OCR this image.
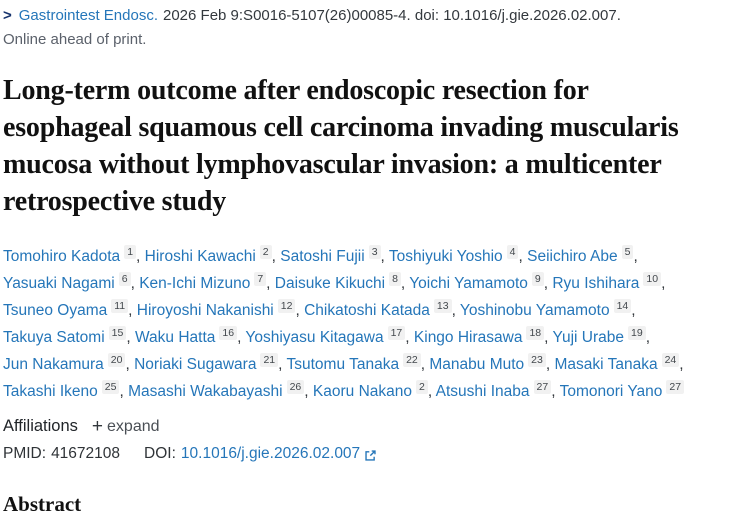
> Gastrointest Endosc. 2026 Feb 9:S0016-5107(26)00085-4. doi: 10.1016/j.gie.2026.02.007.
Online ahead of print.
Long-term outcome after endoscopic resection for esophageal squamous cell carcinoma invading muscularis mucosa without lymphovascular invasion: a multicenter retrospective study
Tomohiro Kadota 1 , Hiroshi Kawachi 2 , Satoshi Fujii 3 , Toshiyuki Yoshio 4 , Seiichiro Abe 5 , Yasuaki Nagami 6 , Ken-Ichi Mizuno 7 , Daisuke Kikuchi 8 , Yoichi Yamamoto 9 , Ryu Ishihara 10 , Tsuneo Oyama 11 , Hiroyoshi Nakanishi 12 , Chikatoshi Katada 13 , Yoshinobu Yamamoto 14 , Takuya Satomi 15 , Waku Hatta 16 , Yoshiyasu Kitagawa 17 , Kingo Hirasawa 18 , Yuji Urabe 19 , Jun Nakamura 20 , Noriaki Sugawara 21 , Tsutomu Tanaka 22 , Manabu Muto 23 , Masaki Tanaka 24 , Takashi Ikeno 25 , Masashi Wakabayashi 26 , Kaoru Nakano 2 , Atsushi Inaba 27 , Tomonori Yano 27
Affiliations + expand
PMID: 41672108 DOI: 10.1016/j.gie.2026.02.007
Abstract
